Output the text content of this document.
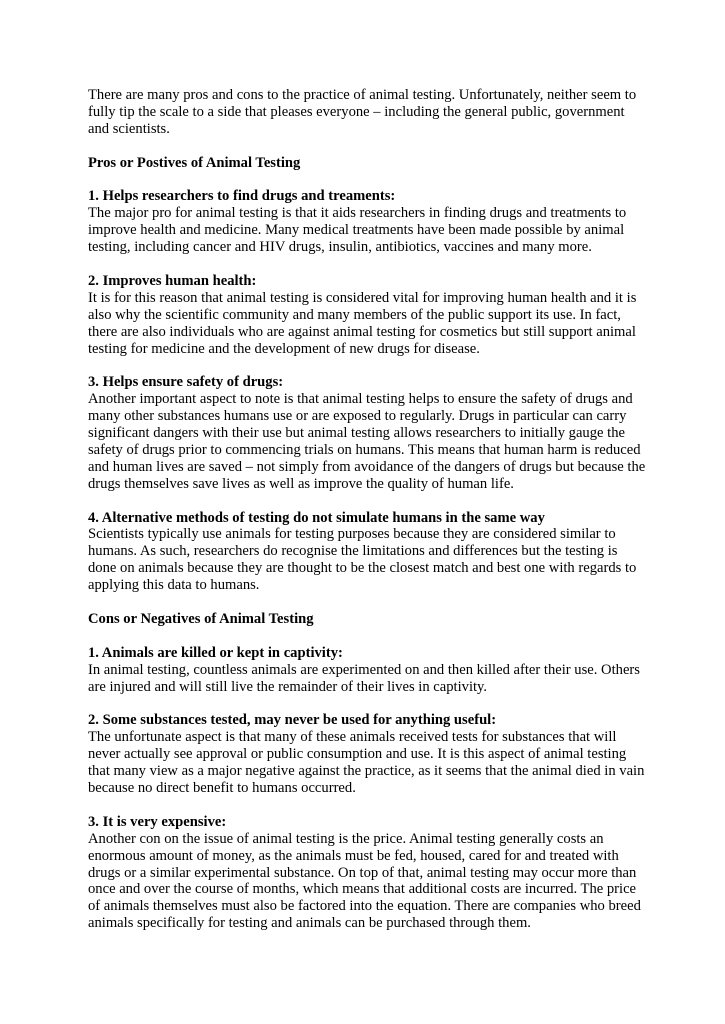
There are many pros and cons to the practice of animal testing. Unfortunately, neither seem to fully tip the scale to a side that pleases everyone – including the general public, government and scientists.

Pros or Postives of Animal Testing
1. Helps researchers to find drugs and treaments:
The major pro for animal testing is that it aids researchers in finding drugs and treatments to improve health and medicine. Many medical treatments have been made possible by animal testing, including cancer and HIV drugs, insulin, antibiotics, vaccines and many more.
2. Improves human health:
It is for this reason that animal testing is considered vital for improving human health and it is also why the scientific community and many members of the public support its use. In fact, there are also individuals who are against animal testing for cosmetics but still support animal testing for medicine and the development of new drugs for disease.
3. Helps ensure safety of drugs:
Another important aspect to note is that animal testing helps to ensure the safety of drugs and many other substances humans use or are exposed to regularly. Drugs in particular can carry significant dangers with their use but animal testing allows researchers to initially gauge the safety of drugs prior to commencing trials on humans. This means that human harm is reduced and human lives are saved – not simply from avoidance of the dangers of drugs but because the drugs themselves save lives as well as improve the quality of human life.
4. Alternative methods of testing do not simulate humans in the same way
Scientists typically use animals for testing purposes because they are considered similar to humans. As such, researchers do recognise the limitations and differences but the testing is done on animals because they are thought to be the closest match and best one with regards to applying this data to humans.
Cons or Negatives of Animal Testing
1. Animals are killed or kept in captivity:
In animal testing, countless animals are experimented on and then killed after their use. Others are injured and will still live the remainder of their lives in captivity.
2. Some substances tested, may never be used for anything useful:
The unfortunate aspect is that many of these animals received tests for substances that will never actually see approval or public consumption and use. It is this aspect of animal testing that many view as a major negative against the practice, as it seems that the animal died in vain because no direct benefit to humans occurred.
3. It is very expensive:
Another con on the issue of animal testing is the price. Animal testing generally costs an enormous amount of money, as the animals must be fed, housed, cared for and treated with drugs or a similar experimental substance. On top of that, animal testing may occur more than once and over the course of months, which means that additional costs are incurred. The price of animals themselves must also be factored into the equation. There are companies who breed animals specifically for testing and animals can be purchased through them.
